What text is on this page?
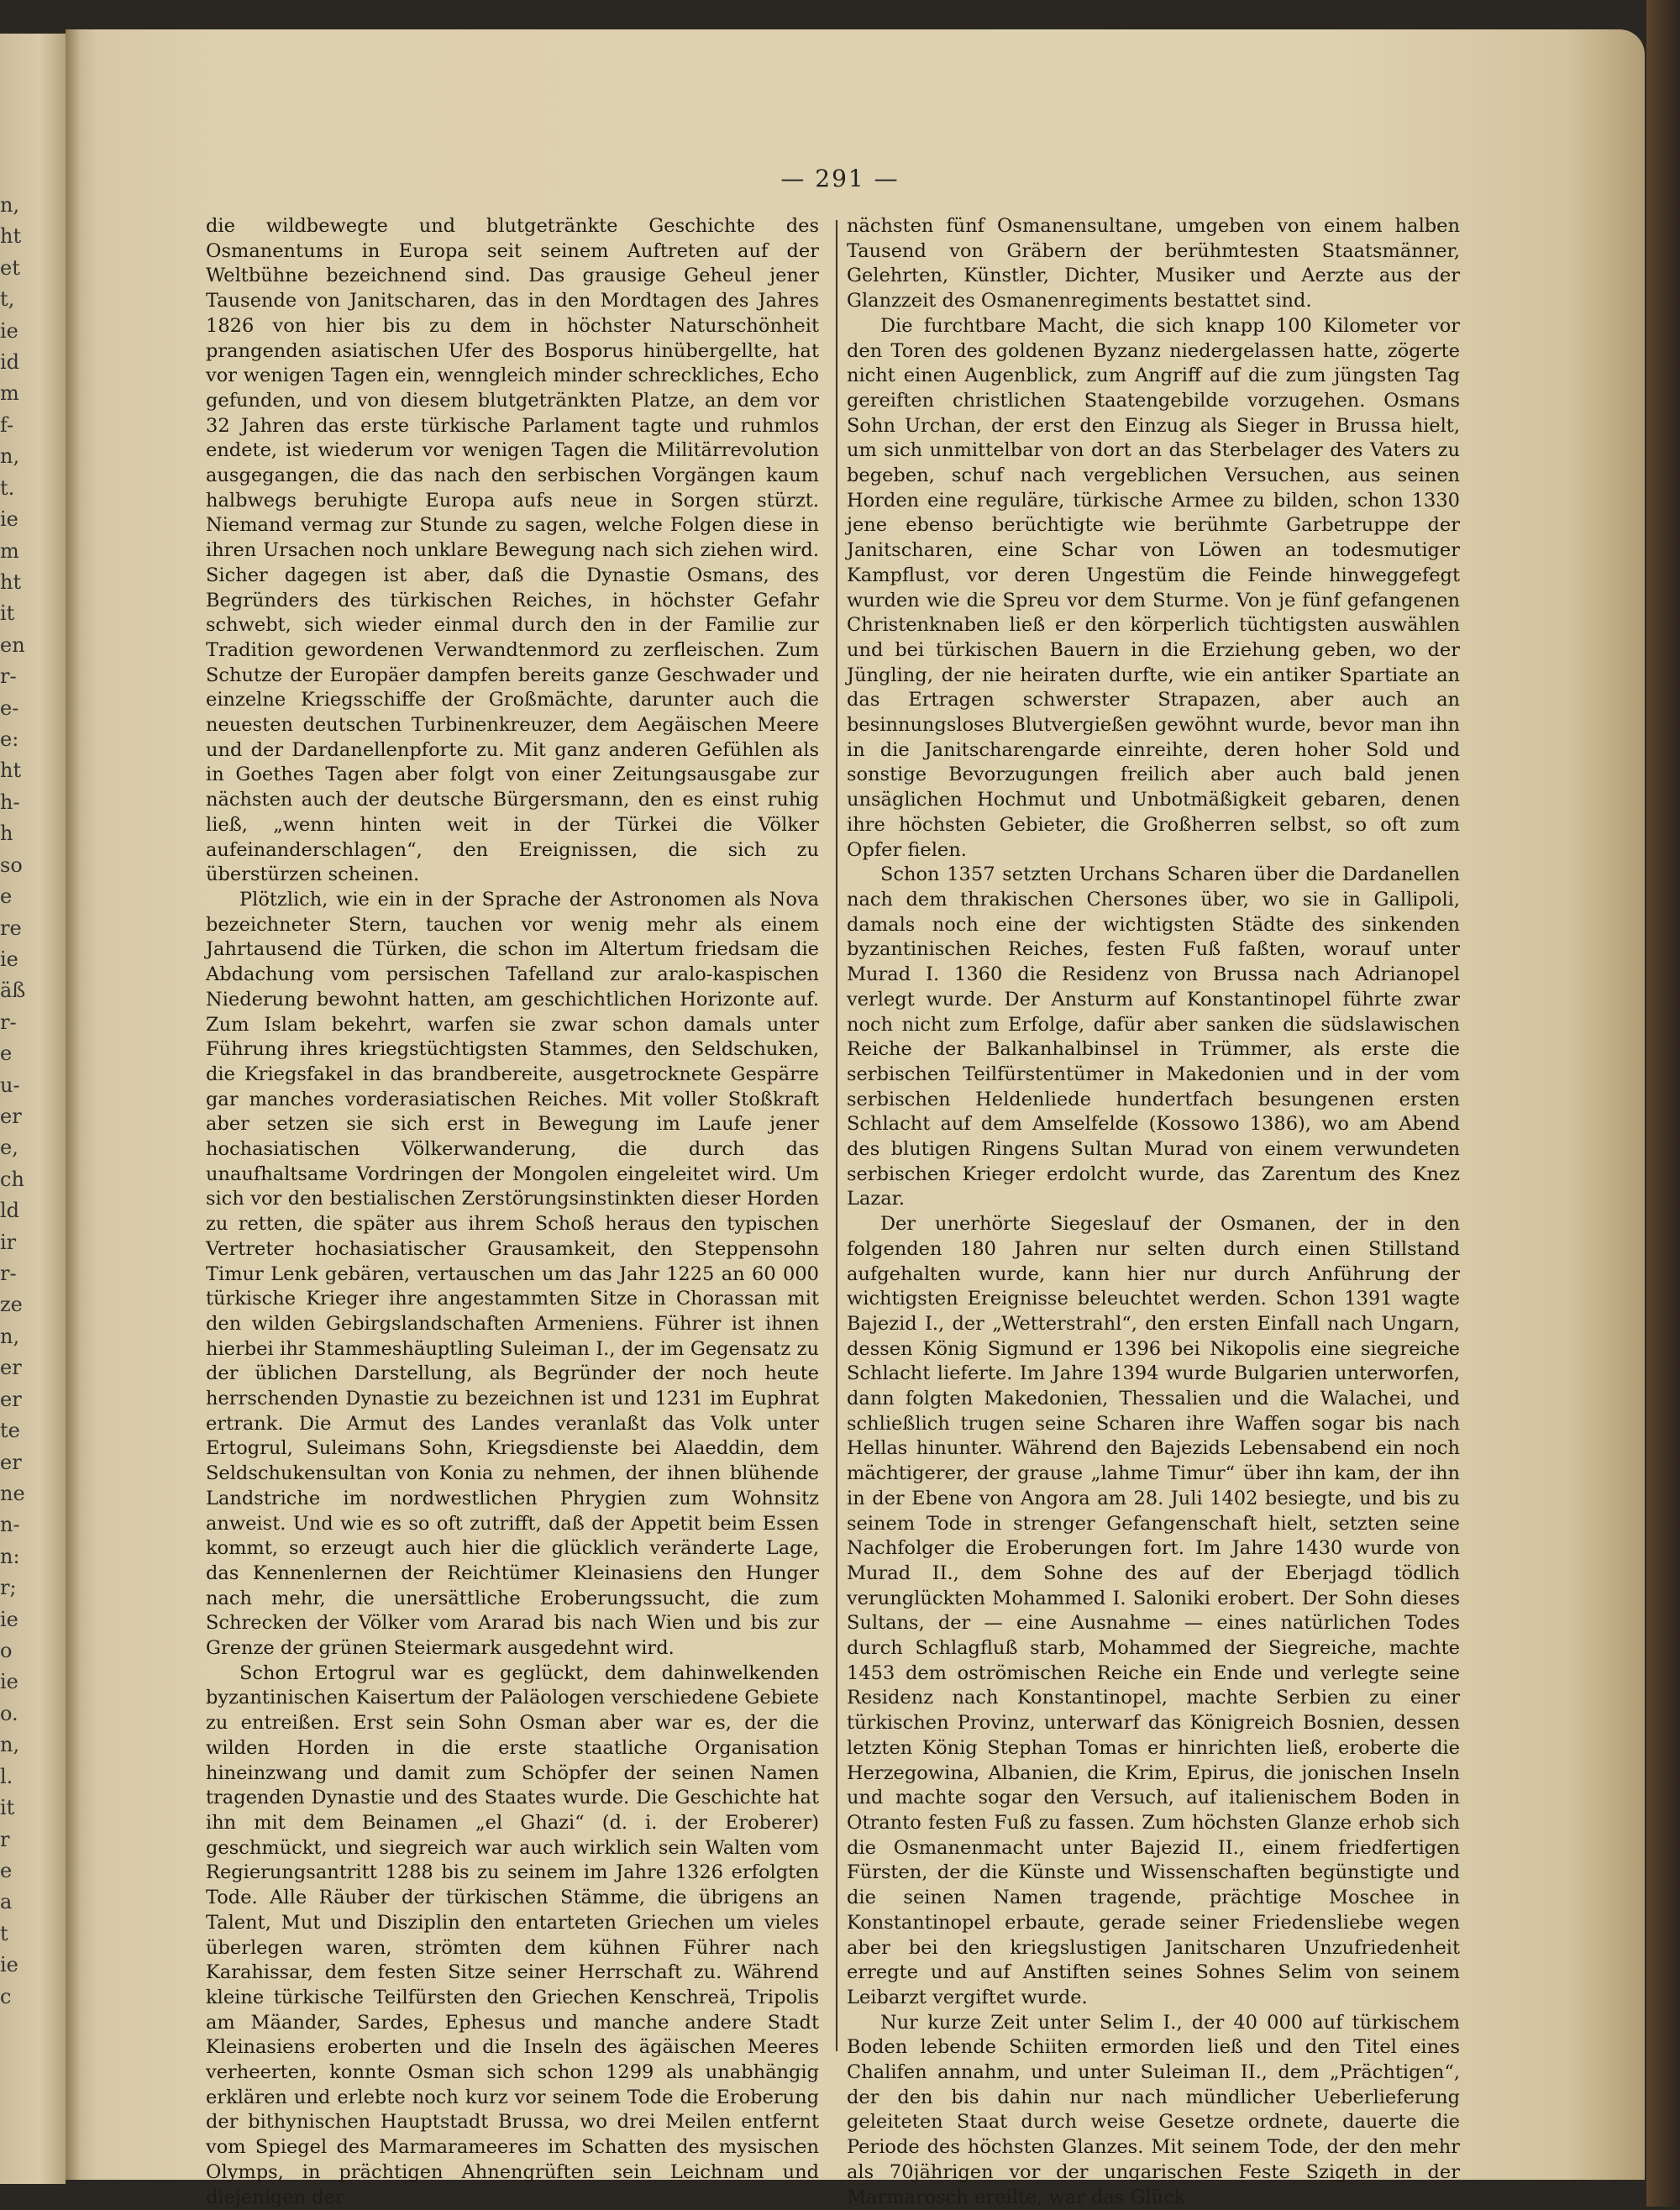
n,
ht
et
t,
ie
id
m
f-
n,
t.
ie
m
ht
it
en
r-
e-
e:
ht
h-
h
so
e
re
ie
äß
r-
e
u-
er
e,
ch
ld
ir
r-
ze
n,
er
er
te
er
ne
n-
n:
r;
ie
o
ie
o.
n,
l.
it
r
e
a
t
ie
c
— 291 —

die wildbewegte und blutgetränkte Geschichte des Osmanentums in Europa seit seinem Auftreten auf der Weltbühne bezeichnend sind. Das grausige Geheul jener Tausende von Janitscharen, das in den Mordtagen des Jahres 1826 von hier bis zu dem in höchster Naturschönheit prangenden asiatischen Ufer des Bosporus hinübergellte, hat vor wenigen Tagen ein, wenngleich minder schreckliches, Echo gefunden, und von diesem blutgetränkten Platze, an dem vor 32 Jahren das erste türkische Parlament tagte und ruhmlos endete, ist wiederum vor wenigen Tagen die Militärrevolution ausgegangen, die das nach den serbischen Vorgängen kaum halbwegs beruhigte Europa aufs neue in Sorgen stürzt. Niemand vermag zur Stunde zu sagen, welche Folgen diese in ihren Ursachen noch unklare Bewegung nach sich ziehen wird. Sicher dagegen ist aber, daß die Dynastie Osmans, des Begründers des türkischen Reiches, in höchster Gefahr schwebt, sich wieder einmal durch den in der Familie zur Tradition gewordenen Verwandtenmord zu zerfleischen. Zum Schutze der Europäer dampfen bereits ganze Geschwader und einzelne Kriegsschiffe der Großmächte, darunter auch die neuesten deutschen Turbinenkreuzer, dem Aegäischen Meere und der Dardanellenpforte zu. Mit ganz anderen Gefühlen als in Goethes Tagen aber folgt von einer Zeitungsausgabe zur nächsten auch der deutsche Bürgersmann, den es einst ruhig ließ, „wenn hinten weit in der Türkei die Völker aufeinanderschlagen“, den Ereignissen, die sich zu überstürzen scheinen.

Plötzlich, wie ein in der Sprache der Astronomen als Nova bezeichneter Stern, tauchen vor wenig mehr als einem Jahrtausend die Türken, die schon im Altertum friedsam die Abdachung vom persischen Tafelland zur aralo-kaspischen Niederung bewohnt hatten, am geschichtlichen Horizonte auf. Zum Islam bekehrt, warfen sie zwar schon damals unter Führung ihres kriegstüchtigsten Stammes, den Seldschuken, die Kriegsfakel in das brandbereite, ausgetrocknete Gespärre gar manches vorderasiatischen Reiches. Mit voller Stoßkraft aber setzen sie sich erst in Bewegung im Laufe jener hochasiatischen Völkerwanderung, die durch das unaufhaltsame Vordringen der Mongolen eingeleitet wird. Um sich vor den bestialischen Zerstörungsinstinkten dieser Horden zu retten, die später aus ihrem Schoß heraus den typischen Vertreter hochasiatischer Grausamkeit, den Steppensohn Timur Lenk gebären, vertauschen um das Jahr 1225 an 60 000 türkische Krieger ihre angestammten Sitze in Chorassan mit den wilden Gebirgslandschaften Armeniens. Führer ist ihnen hierbei ihr Stammeshäuptling Suleiman I., der im Gegensatz zu der üblichen Darstellung, als Begründer der noch heute herrschenden Dynastie zu bezeichnen ist und 1231 im Euphrat ertrank. Die Armut des Landes veranlaßt das Volk unter Ertogrul, Suleimans Sohn, Kriegsdienste bei Alaeddin, dem Seldschukensultan von Konia zu nehmen, der ihnen blühende Landstriche im nordwestlichen Phrygien zum Wohnsitz anweist. Und wie es so oft zutrifft, daß der Appetit beim Essen kommt, so erzeugt auch hier die glücklich veränderte Lage, das Kennenlernen der Reichtümer Kleinasiens den Hunger nach mehr, die unersättliche Eroberungssucht, die zum Schrecken der Völker vom Ararad bis nach Wien und bis zur Grenze der grünen Steiermark ausgedehnt wird.

Schon Ertogrul war es geglückt, dem dahinwelkenden byzantinischen Kaisertum der Paläologen verschiedene Gebiete zu entreißen. Erst sein Sohn Osman aber war es, der die wilden Horden in die erste staatliche Organisation hineinzwang und damit zum Schöpfer der seinen Namen tragenden Dynastie und des Staates wurde. Die Geschichte hat ihn mit dem Beinamen „el Ghazi“ (d. i. der Eroberer) geschmückt, und siegreich war auch wirklich sein Walten vom Regierungsantritt 1288 bis zu seinem im Jahre 1326 erfolgten Tode. Alle Räuber der türkischen Stämme, die übrigens an Talent, Mut und Disziplin den entarteten Griechen um vieles überlegen waren, strömten dem kühnen Führer nach Karahissar, dem festen Sitze seiner Herrschaft zu. Während kleine türkische Teilfürsten den Griechen Kenschreä, Tripolis am Mäander, Sardes, Ephesus und manche andere Stadt Kleinasiens eroberten und die Inseln des ägäischen Meeres verheerten, konnte Osman sich schon 1299 als unabhängig erklären und erlebte noch kurz vor seinem Tode die Eroberung der bithynischen Hauptstadt Brussa, wo drei Meilen entfernt vom Spiegel des Marmarameeres im Schatten des mysischen Olymps, in prächtigen Ahnengrüften sein Leichnam und diejenigen der

nächsten fünf Osmanensultane, umgeben von einem halben Tausend von Gräbern der berühmtesten Staatsmänner, Gelehrten, Künstler, Dichter, Musiker und Aerzte aus der Glanzzeit des Osmanenregiments bestattet sind.

Die furchtbare Macht, die sich knapp 100 Kilometer vor den Toren des goldenen Byzanz niedergelassen hatte, zögerte nicht einen Augenblick, zum Angriff auf die zum jüngsten Tag gereiften christlichen Staatengebilde vorzugehen. Osmans Sohn Urchan, der erst den Einzug als Sieger in Brussa hielt, um sich unmittelbar von dort an das Sterbelager des Vaters zu begeben, schuf nach vergeblichen Versuchen, aus seinen Horden eine reguläre, türkische Armee zu bilden, schon 1330 jene ebenso berüchtigte wie berühmte Garbetruppe der Janitscharen, eine Schar von Löwen an todesmutiger Kampflust, vor deren Ungestüm die Feinde hinweggefegt wurden wie die Spreu vor dem Sturme. Von je fünf gefangenen Christenknaben ließ er den körperlich tüchtigsten auswählen und bei türkischen Bauern in die Erziehung geben, wo der Jüngling, der nie heiraten durfte, wie ein antiker Spartiate an das Ertragen schwerster Strapazen, aber auch an besinnungsloses Blutvergießen gewöhnt wurde, bevor man ihn in die Janitscharengarde einreihte, deren hoher Sold und sonstige Bevorzugungen freilich aber auch bald jenen unsäglichen Hochmut und Unbotmäßigkeit gebaren, denen ihre höchsten Gebieter, die Großherren selbst, so oft zum Opfer fielen.

Schon 1357 setzten Urchans Scharen über die Dardanellen nach dem thrakischen Chersones über, wo sie in Gallipoli, damals noch eine der wichtigsten Städte des sinkenden byzantinischen Reiches, festen Fuß faßten, worauf unter Murad I. 1360 die Residenz von Brussa nach Adrianopel verlegt wurde. Der Ansturm auf Konstantinopel führte zwar noch nicht zum Erfolge, dafür aber sanken die südslawischen Reiche der Balkanhalbinsel in Trümmer, als erste die serbischen Teilfürstentümer in Makedonien und in der vom serbischen Heldenliede hundertfach besungenen ersten Schlacht auf dem Amselfelde (Kossowo 1386), wo am Abend des blutigen Ringens Sultan Murad von einem verwundeten serbischen Krieger erdolcht wurde, das Zarentum des Knez Lazar.

Der unerhörte Siegeslauf der Osmanen, der in den folgenden 180 Jahren nur selten durch einen Stillstand aufgehalten wurde, kann hier nur durch Anführung der wichtigsten Ereignisse beleuchtet werden. Schon 1391 wagte Bajezid I., der „Wetterstrahl“, den ersten Einfall nach Ungarn, dessen König Sigmund er 1396 bei Nikopolis eine siegreiche Schlacht lieferte. Im Jahre 1394 wurde Bulgarien unterworfen, dann folgten Makedonien, Thessalien und die Walachei, und schließlich trugen seine Scharen ihre Waffen sogar bis nach Hellas hinunter. Während den Bajezids Lebensabend ein noch mächtigerer, der grause „lahme Timur“ über ihn kam, der ihn in der Ebene von Angora am 28. Juli 1402 besiegte, und bis zu seinem Tode in strenger Gefangenschaft hielt, setzten seine Nachfolger die Eroberungen fort. Im Jahre 1430 wurde von Murad II., dem Sohne des auf der Eberjagd tödlich verunglückten Mohammed I. Saloniki erobert. Der Sohn dieses Sultans, der — eine Ausnahme — eines natürlichen Todes durch Schlagfluß starb, Mohammed der Siegreiche, machte 1453 dem oströmischen Reiche ein Ende und verlegte seine Residenz nach Konstantinopel, machte Serbien zu einer türkischen Provinz, unterwarf das Königreich Bosnien, dessen letzten König Stephan Tomas er hinrichten ließ, eroberte die Herzegowina, Albanien, die Krim, Epirus, die jonischen Inseln und machte sogar den Versuch, auf italienischem Boden in Otranto festen Fuß zu fassen. Zum höchsten Glanze erhob sich die Osmanenmacht unter Bajezid II., einem friedfertigen Fürsten, der die Künste und Wissenschaften begünstigte und die seinen Namen tragende, prächtige Moschee in Konstantinopel erbaute, gerade seiner Friedensliebe wegen aber bei den kriegslustigen Janitscharen Unzufriedenheit erregte und auf Anstiften seines Sohnes Selim von seinem Leibarzt vergiftet wurde.

Nur kurze Zeit unter Selim I., der 40 000 auf türkischem Boden lebende Schiiten ermorden ließ und den Titel eines Chalifen annahm, und unter Suleiman II., dem „Prächtigen“, der den bis dahin nur nach mündlicher Ueberlieferung geleiteten Staat durch weise Gesetze ordnete, dauerte die Periode des höchsten Glanzes. Mit seinem Tode, der den mehr als 70jährigen vor der ungarischen Feste Szigeth in der Marmarosch ereilte, war das Glück
